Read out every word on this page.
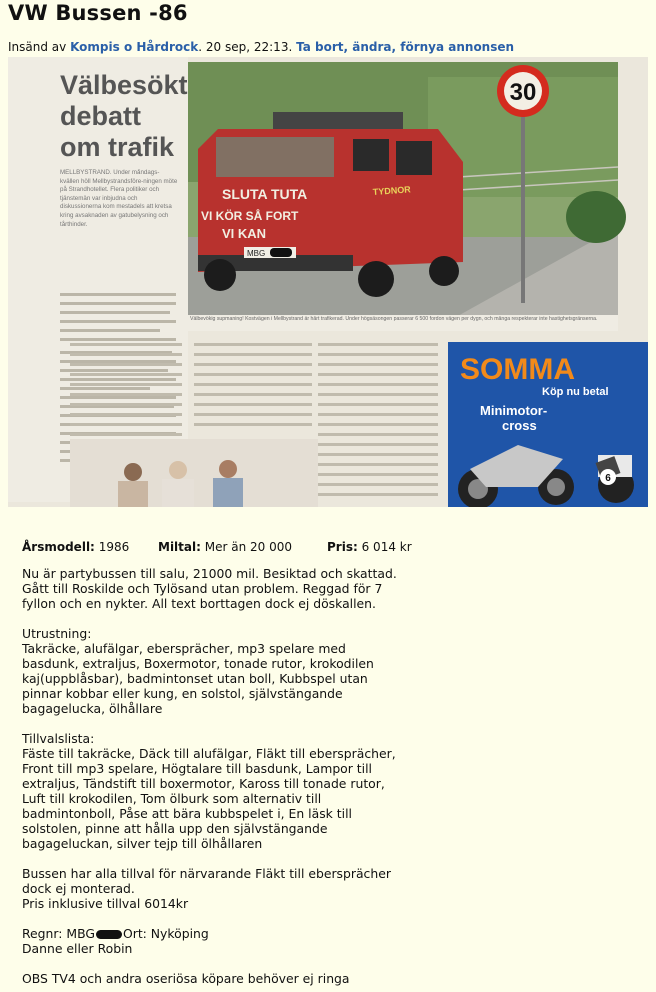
VW Bussen -86
Insänd av Kompis o Hårdrock. 20 sep, 22:13. Ta bort, ändra, förnya annonsen
Välbesökt
debatt
om trafik
MELLBYSTRAND. Under måndags-kvällen höll Mellbystrandsföre-ningen möte på Strandhotellet. Flera politiker och tjänstemän var inbjudna och diskussionerna kom mestadels att kretsa kring avsaknaden av gatubelysning och tårthinder.
30
SLUTA TUTA
VI KÖR SÅ FORT
VI KAN
TYDNOR
MBG
Välbevökig supmaning! Kostvägen i Mellbystrand är hårt trafikerad. Under högsäsongen passerar 6 500 fordon vägen per dygn, och många respekterar inte hastighetsgränserna.
SOMMA
Köp nu betal
Minimotor-
cross
6
Årsmodell: 1986 Miltal: Mer än 20 000	Pris: 6 014 kr

Nu är partybussen till salu, 21000 mil. Besiktad och skattad. Gått till Roskilde och Tylösand utan problem. Reggad för 7 fyllon och en nykter. All text borttagen dock ej döskallen.

Utrustning:
Takräcke, alufälgar, ebersprächer, mp3 spelare med basdunk, extraljus, Boxermotor, tonade rutor, krokodilen kaj(uppblåsbar), badmintonset utan boll, Kubbspel utan pinnar kobbar eller kung, en solstol, självstängande bagagelucka, ölhållare

Tillvalslista:
Fäste till takräcke, Däck till alufälgar, Fläkt till ebersprächer, Front till mp3 spelare, Högtalare till basdunk, Lampor till extraljus, Tändstift till boxermotor, Kaross till tonade rutor, Luft till krokodilen, Tom ölburk som alternativ till badmintonboll, Påse att bära kubbspelet i, En läsk till solstolen, pinne att hålla upp den självstängande bagageluckan, silver tejp till ölhållaren

Bussen har alla tillval för närvarande Fläkt till ebersprächer dock ej monterad.
Pris inklusive tillval 6014kr

Regnr: MBG Ort: Nyköping

Danne eller Robin

OBS TV4 och andra oseriösa köpare behöver ej ringa
